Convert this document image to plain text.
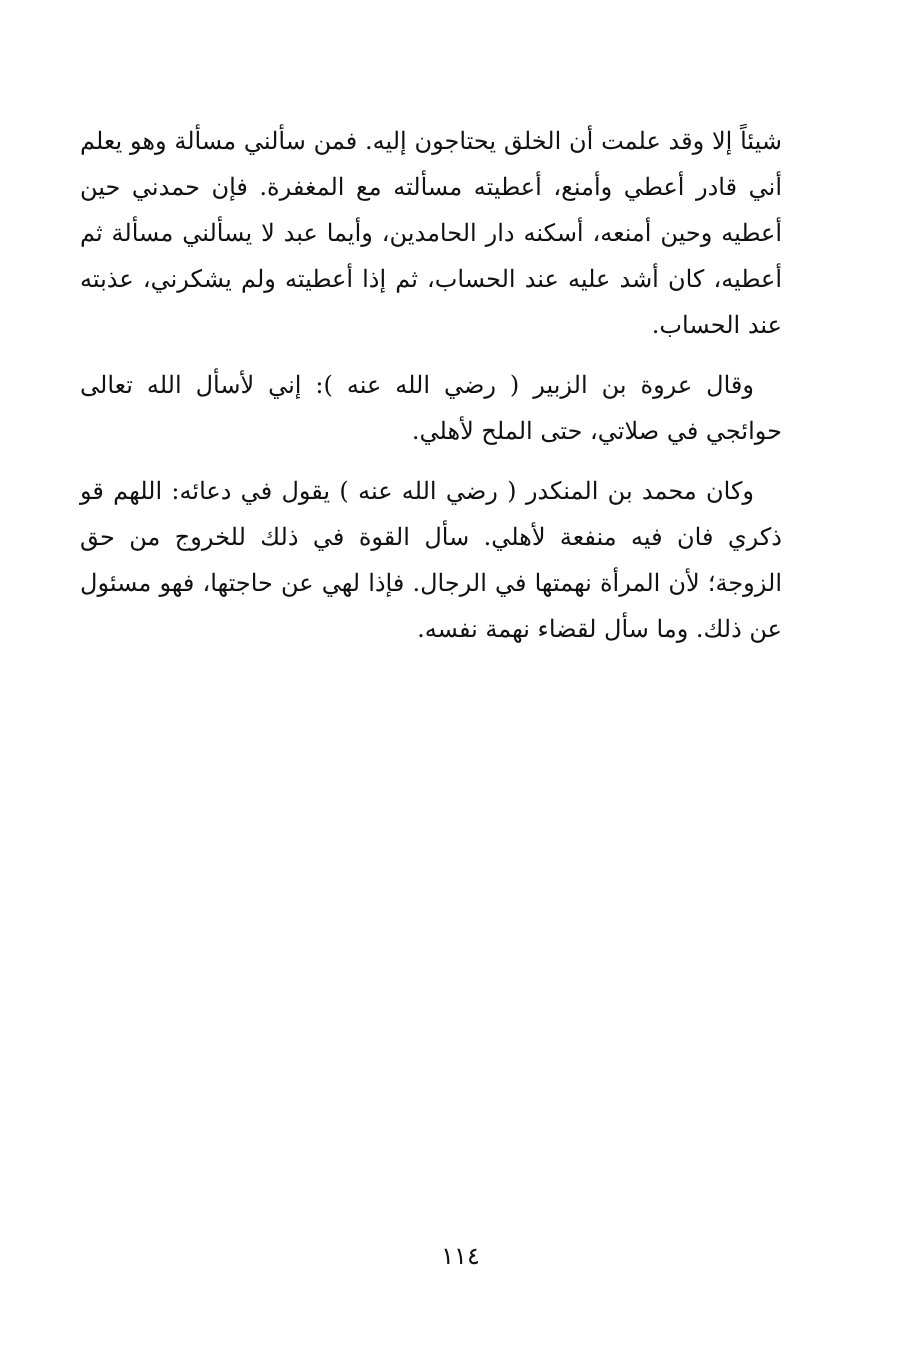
شيئاً إلا وقد علمت أن الخلق يحتاجون إليه. فمن سألني مسألة وهو يعلم أني قادر أعطي وأمنع، أعطيته مسألته مع المغفرة. فإن حمدني حين أعطيه وحين أمنعه، أسكنه دار الحامدين، وأيما عبد لا يسألني مسألة ثم أعطيه، كان أشد عليه عند الحساب، ثم إذا أعطيته ولم يشكرني، عذبته عند الحساب.

وقال عروة بن الزبير ( رضي الله عنه ): إني لأسأل الله تعالى حوائجي في صلاتي، حتى الملح لأهلي.

وكان محمد بن المنكدر ( رضي الله عنه ) يقول في دعائه: اللهم قو ذكري فان فيه منفعة لأهلي. سأل القوة في ذلك للخروج من حق الزوجة؛ لأن المرأة نهمتها في الرجال. فإذا لهي عن حاجتها، فهو مسئول عن ذلك. وما سأل لقضاء نهمة نفسه.

١١٤
